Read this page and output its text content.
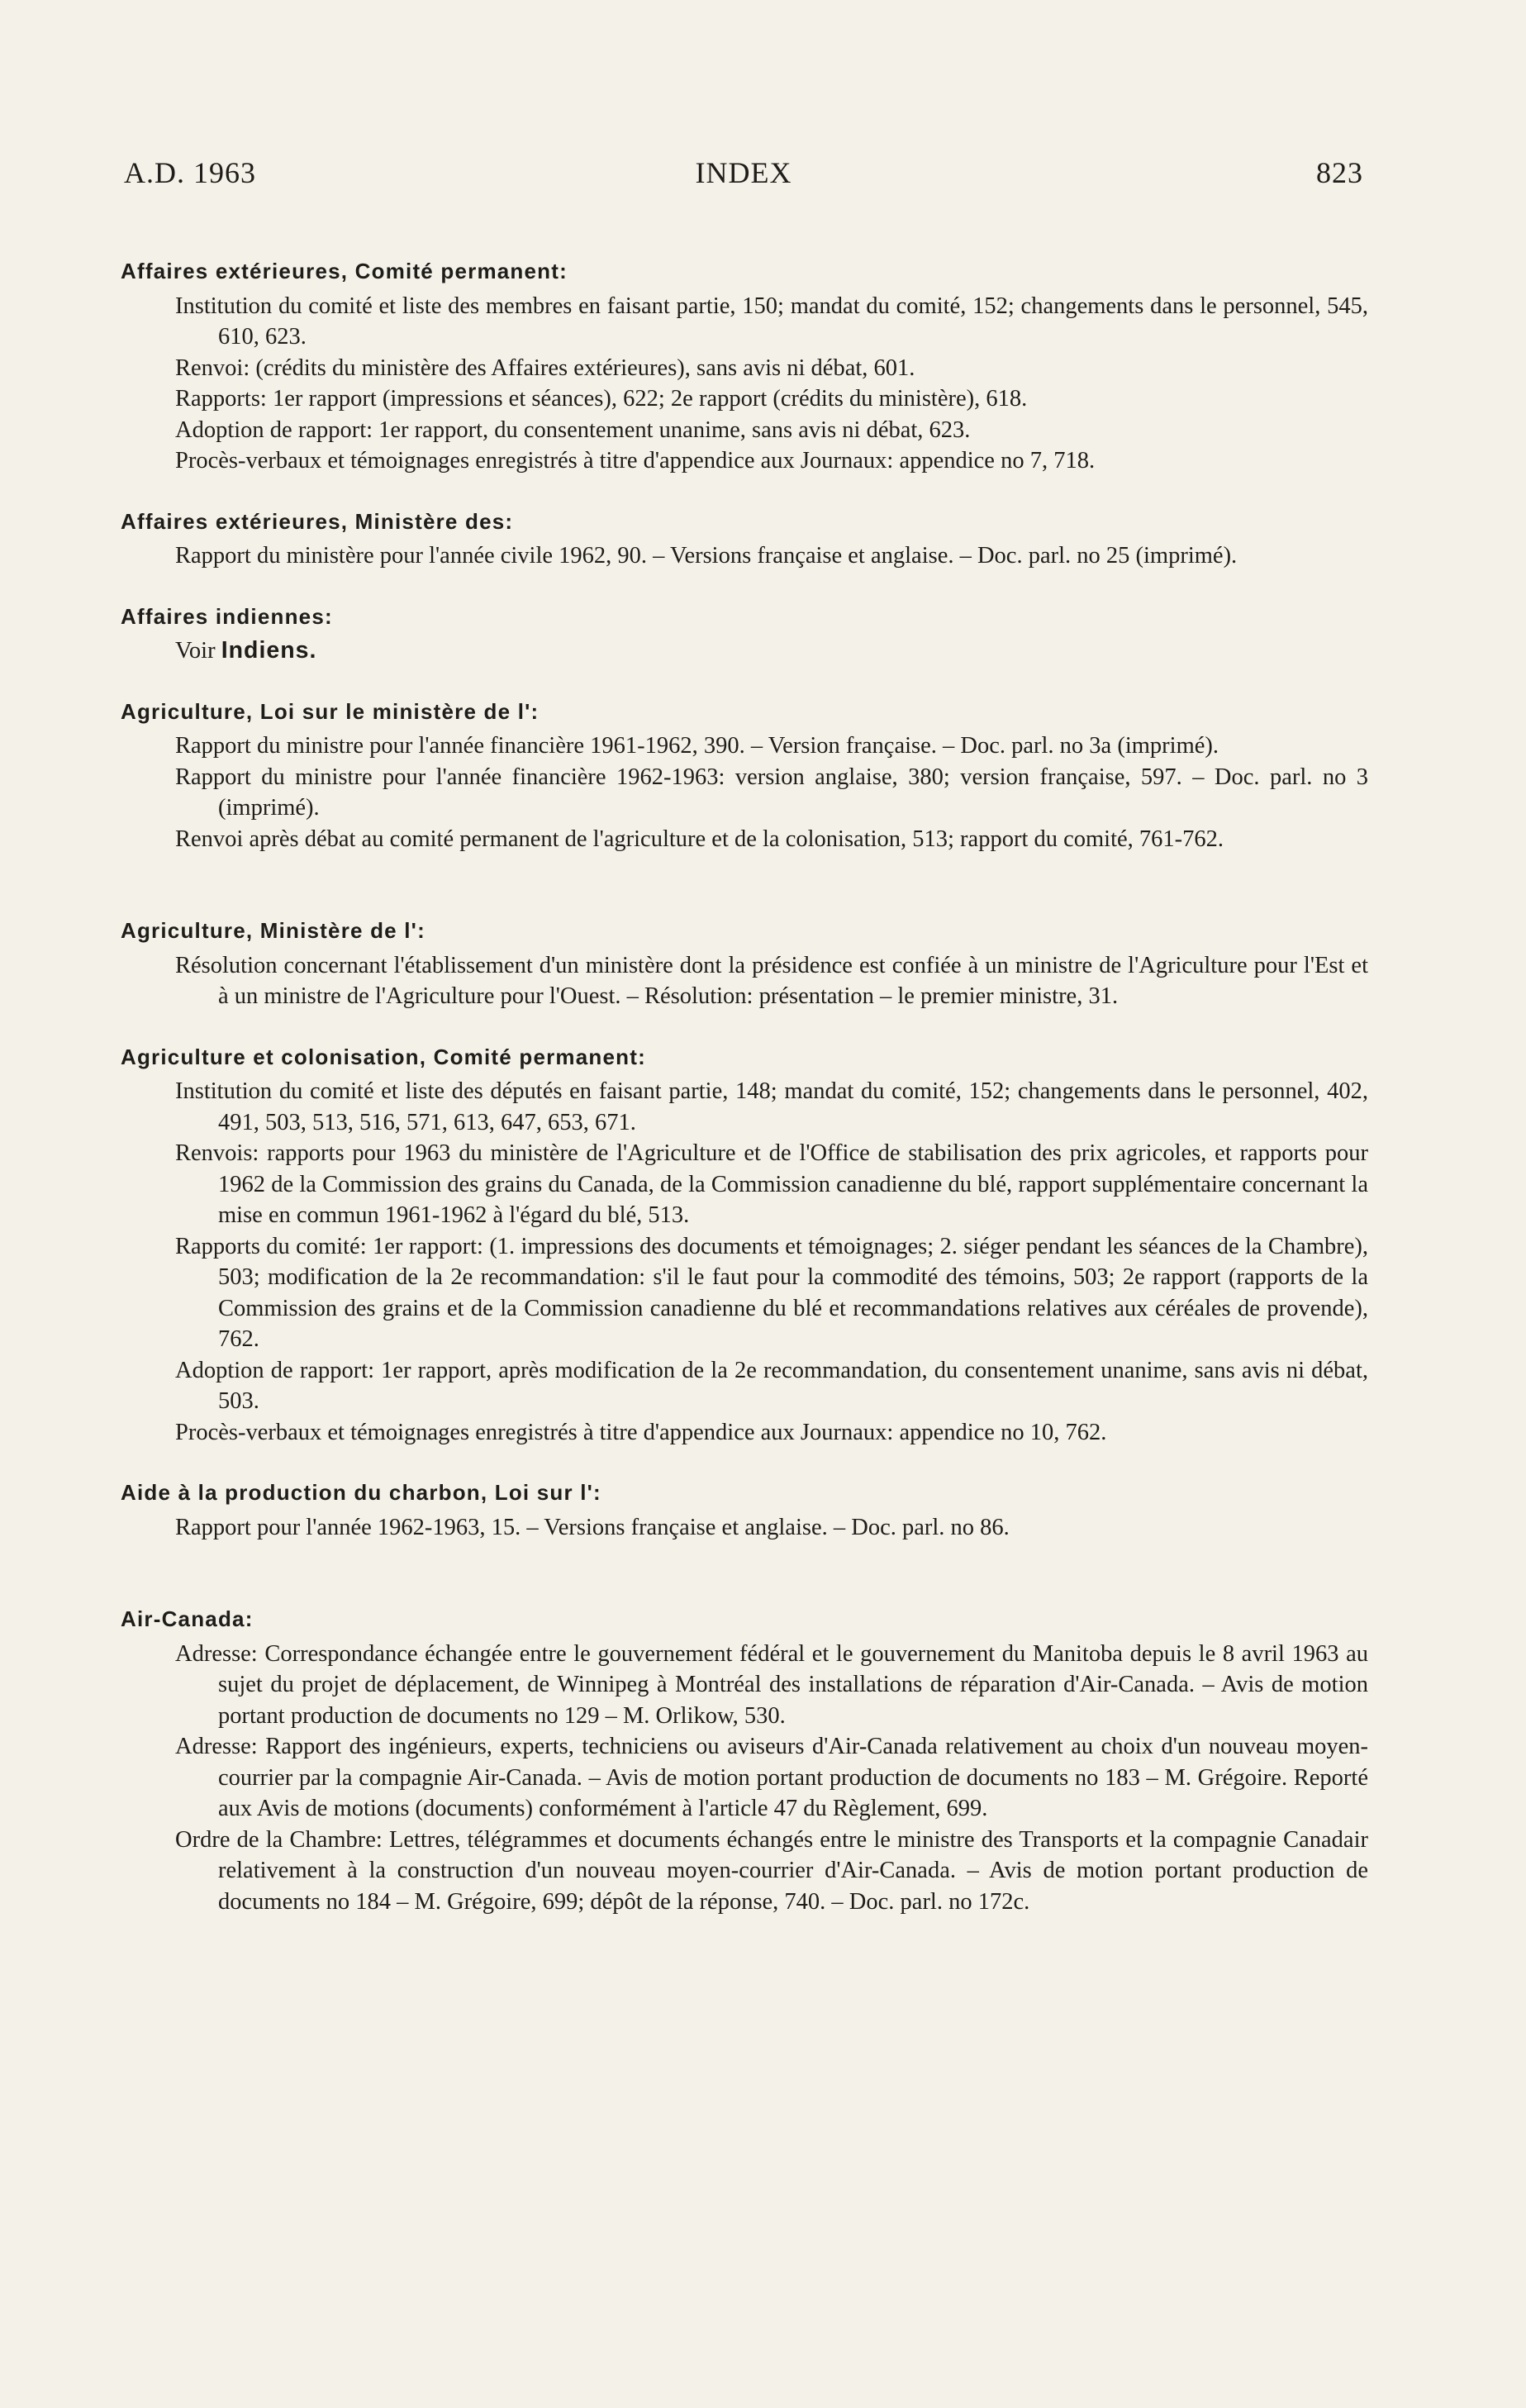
A.D. 1963	INDEX	823
Affaires extérieures, Comité permanent:
Institution du comité et liste des membres en faisant partie, 150; mandat du comité, 152; changements dans le personnel, 545, 610, 623.
Renvoi: (crédits du ministère des Affaires extérieures), sans avis ni débat, 601.
Rapports: 1er rapport (impressions et séances), 622; 2e rapport (crédits du ministère), 618.
Adoption de rapport: 1er rapport, du consentement unanime, sans avis ni débat, 623.
Procès-verbaux et témoignages enregistrés à titre d'appendice aux Journaux: appendice no 7, 718.
Affaires extérieures, Ministère des:
Rapport du ministère pour l'année civile 1962, 90. – Versions française et anglaise. – Doc. parl. no 25 (imprimé).
Affaires indiennes:
Voir Indiens.
Agriculture, Loi sur le ministère de l':
Rapport du ministre pour l'année financière 1961-1962, 390. – Version française. – Doc. parl. no 3a (imprimé).
Rapport du ministre pour l'année financière 1962-1963: version anglaise, 380; version française, 597. – Doc. parl. no 3 (imprimé).
Renvoi après débat au comité permanent de l'agriculture et de la colonisation, 513; rapport du comité, 761-762.
Agriculture, Ministère de l':
Résolution concernant l'établissement d'un ministère dont la présidence est confiée à un ministre de l'Agriculture pour l'Est et à un ministre de l'Agriculture pour l'Ouest. – Résolution: présentation – le premier ministre, 31.
Agriculture et colonisation, Comité permanent:
Institution du comité et liste des députés en faisant partie, 148; mandat du comité, 152; changements dans le personnel, 402, 491, 503, 513, 516, 571, 613, 647, 653, 671.
Renvois: rapports pour 1963 du ministère de l'Agriculture et de l'Office de stabilisation des prix agricoles, et rapports pour 1962 de la Commission des grains du Canada, de la Commission canadienne du blé, rapport supplémentaire concernant la mise en commun 1961-1962 à l'égard du blé, 513.
Rapports du comité: 1er rapport: (1. impressions des documents et témoignages; 2. siéger pendant les séances de la Chambre), 503; modification de la 2e recommandation: s'il le faut pour la commodité des témoins, 503; 2e rapport (rapports de la Commission des grains et de la Commission canadienne du blé et recommandations relatives aux céréales de provende), 762.
Adoption de rapport: 1er rapport, après modification de la 2e recommandation, du consentement unanime, sans avis ni débat, 503.
Procès-verbaux et témoignages enregistrés à titre d'appendice aux Journaux: appendice no 10, 762.
Aide à la production du charbon, Loi sur l':
Rapport pour l'année 1962-1963, 15. – Versions française et anglaise. – Doc. parl. no 86.
Air-Canada:
Adresse: Correspondance échangée entre le gouvernement fédéral et le gouvernement du Manitoba depuis le 8 avril 1963 au sujet du projet de déplacement, de Winnipeg à Montréal des installations de réparation d'Air-Canada. – Avis de motion portant production de documents no 129 – M. Orlikow, 530.
Adresse: Rapport des ingénieurs, experts, techniciens ou aviseurs d'Air-Canada relativement au choix d'un nouveau moyen-courrier par la compagnie Air-Canada. – Avis de motion portant production de documents no 183 – M. Grégoire. Reporté aux Avis de motions (documents) conformément à l'article 47 du Règlement, 699.
Ordre de la Chambre: Lettres, télégrammes et documents échangés entre le ministre des Transports et la compagnie Canadair relativement à la construction d'un nouveau moyen-courrier d'Air-Canada. – Avis de motion portant production de documents no 184 – M. Grégoire, 699; dépôt de la réponse, 740. – Doc. parl. no 172c.
